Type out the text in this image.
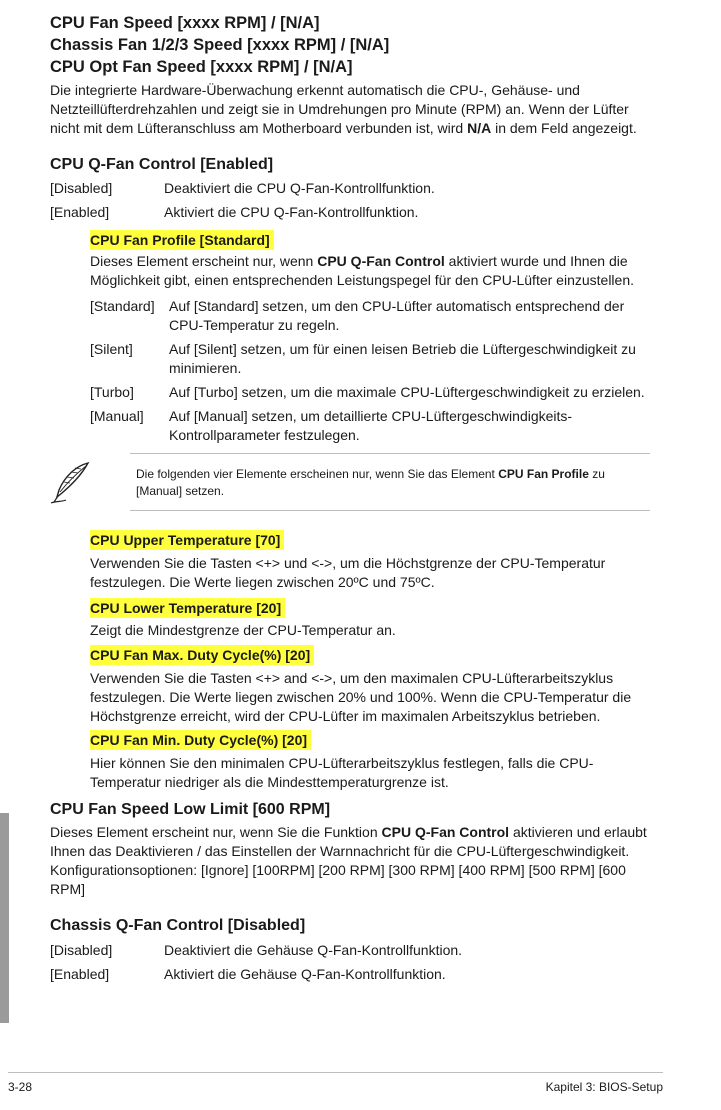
CPU Fan Speed [xxxx RPM] / [N/A]

Chassis Fan 1/2/3 Speed [xxxx RPM] / [N/A]

CPU Opt Fan Speed [xxxx RPM] / [N/A]

Die integrierte Hardware-Überwachung erkennt automatisch die CPU-, Gehäuse- und Netzteillüfterdrehzahlen und zeigt sie in Umdrehungen pro Minute (RPM) an. Wenn der Lüfter nicht mit dem Lüfteranschluss am Motherboard verbunden ist, wird N/A in dem Feld angezeigt.

CPU Q-Fan Control [Enabled]

[Disabled]	Deaktiviert die CPU Q-Fan-Kontrollfunktion.
[Enabled]	Aktiviert die CPU Q-Fan-Kontrollfunktion.

CPU Fan Profile [Standard]

Dieses Element erscheint nur, wenn CPU Q-Fan Control aktiviert wurde und Ihnen die Möglichkeit gibt, einen entsprechenden Leistungspegel für den CPU-Lüfter einzustellen.

[Standard]	Auf [Standard] setzen, um den CPU-Lüfter automatisch entsprechend der CPU-Temperatur zu regeln.
[Silent]	Auf [Silent] setzen, um für einen leisen Betrieb die Lüftergeschwindigkeit zu minimieren.
[Turbo]	Auf [Turbo] setzen, um die maximale CPU-Lüftergeschwindigkeit zu erzielen.
[Manual]	Auf [Manual] setzen, um detaillierte CPU-Lüftergeschwindigkeits-Kontrollparameter festzulegen.

Die folgenden vier Elemente erscheinen nur, wenn Sie das Element CPU Fan Profile zu [Manual] setzen.

CPU Upper Temperature [70]

Verwenden Sie die Tasten <+> und <->, um die Höchstgrenze der CPU-Temperatur festzulegen. Die Werte liegen zwischen 20ºC und 75ºC.

CPU Lower Temperature [20]

Zeigt die Mindestgrenze der CPU-Temperatur an.

CPU Fan Max. Duty Cycle(%) [20]

Verwenden Sie die Tasten <+> and <->, um den maximalen CPU-Lüfterarbeitszyklus festzulegen. Die Werte liegen zwischen 20% und 100%. Wenn die CPU-Temperatur die Höchstgrenze erreicht, wird der CPU-Lüfter im maximalen Arbeitszyklus betrieben.

CPU Fan Min. Duty Cycle(%) [20]

Hier können Sie den minimalen CPU-Lüfterarbeitszyklus festlegen, falls die CPU-Temperatur niedriger als die Mindesttemperaturgrenze ist.

CPU Fan Speed Low Limit [600 RPM]

Dieses Element erscheint nur, wenn Sie die Funktion CPU Q-Fan Control aktivieren und erlaubt Ihnen das Deaktivieren / das Einstellen der Warnnachricht für die CPU-Lüftergeschwindigkeit. Konfigurationsoptionen: [Ignore] [100RPM] [200 RPM] [300 RPM] [400 RPM] [500 RPM] [600 RPM]

Chassis Q-Fan Control [Disabled]

[Disabled]	Deaktiviert die Gehäuse Q-Fan-Kontrollfunktion.
[Enabled]	Aktiviert die Gehäuse Q-Fan-Kontrollfunktion.
3-28	Kapitel 3: BIOS-Setup
